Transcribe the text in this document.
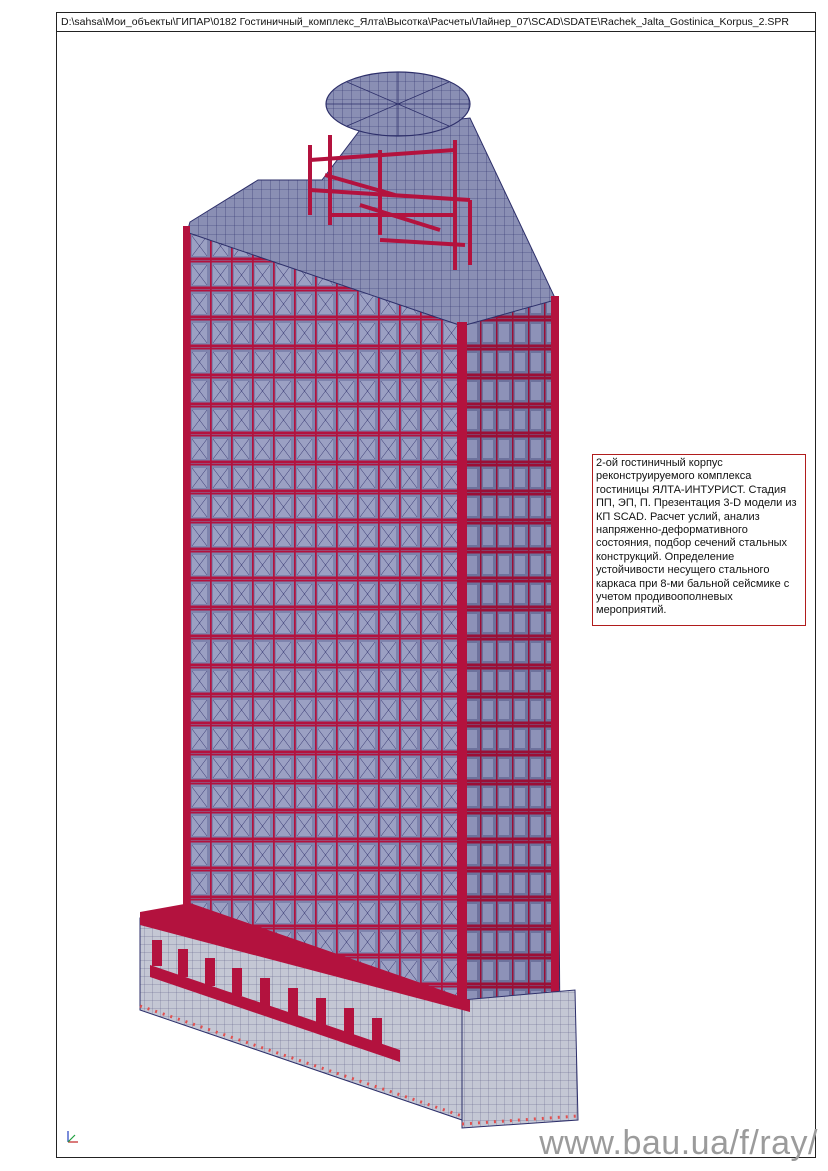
D:\sahsa\Мои_объекты\ГИПАР\0182 Гостиничный_комплекс_Ялта\Высотка\Расчеты\Лайнер_07\SCAD\SDATE\Rachek_Jalta_Gostinica_Korpus_2.SPR
2-ой гостиничный корпус реконструируемого комплекса гостиницы ЯЛТА-ИНТУРИСТ. Стадия ПП, ЭП, П. Презентация 3-D модели из КП SCAD. Расчет услий, анализ напряженно-деформативного состояния, подбор сечений стальных конструкций. Определение устойчивости несущего стального каркаса при 8-ми бальной сейсмике с учетом продивоополневых мероприятий.
www.bau.ua/f/ray/
